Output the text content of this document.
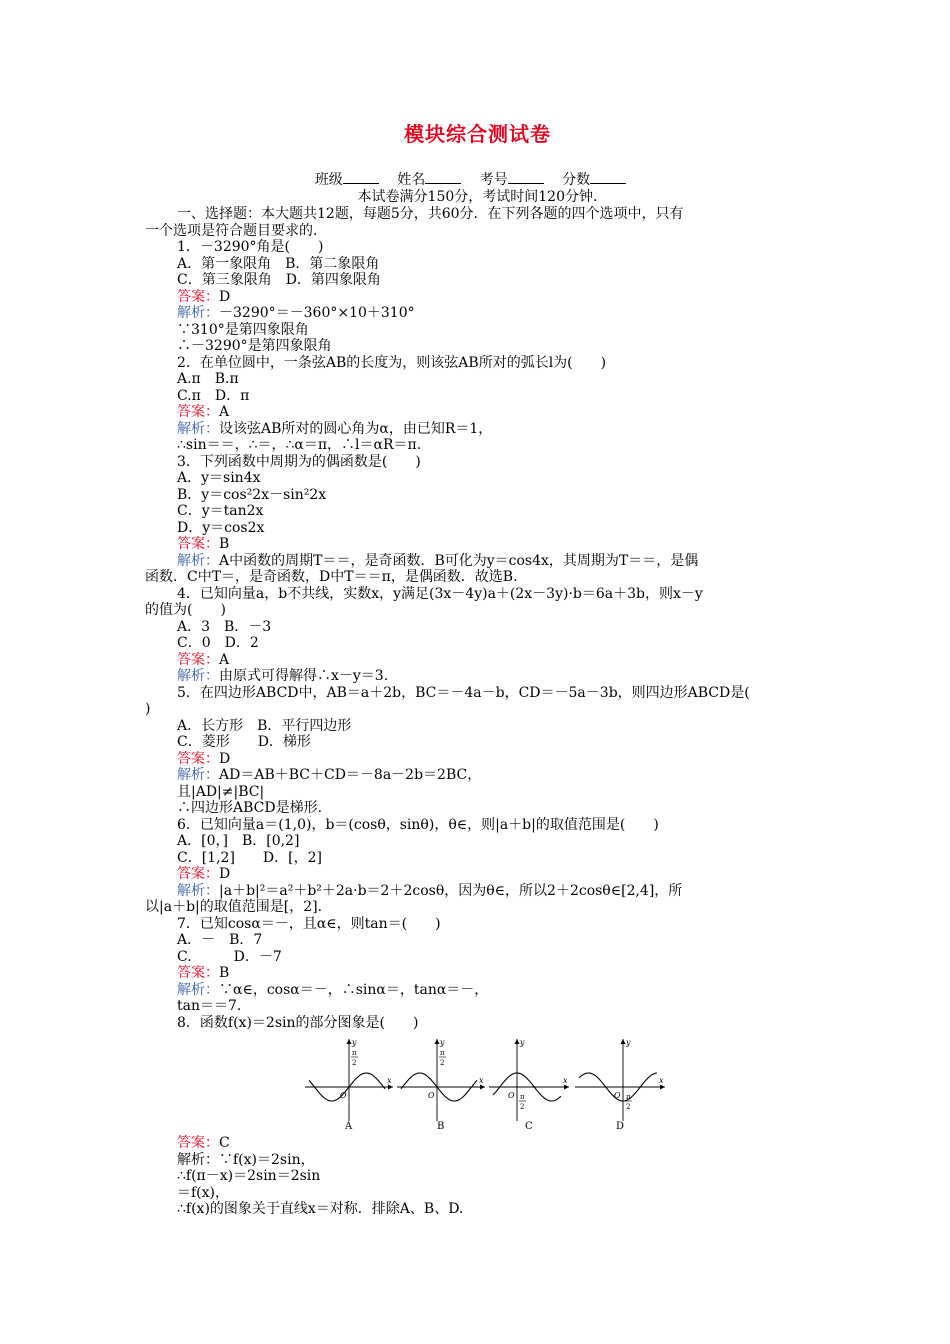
模块综合测试卷
班级	姓名	考号	分数
本试卷满分150分，考试时间120分钟.
一、选择题：本大题共12题，每题5分，共60分．在下列各题的四个选项中，只有
一个选项是符合题目要求的.
1．－3290°角是(　　)
A．第一象限角　B．第二象限角
C．第三象限角　D．第四象限角
答案：D
解析：－3290°＝－360°×10＋310°
∵310°是第四象限角
∴－3290°是第四象限角
2．在单位圆中，一条弦AB的长度为，则该弦AB所对的弧长l为(　　)
A.π　B.π
C.π　D．π
答案：A
解析：设该弦AB所对的圆心角为α，由已知R＝1，
∴sin＝＝，∴＝，∴α＝π，∴l＝αR＝π.
3．下列函数中周期为的偶函数是(　　)
A．y＝sin4x
B．y＝cos²2x－sin²2x
C．y＝tan2x
D．y＝cos2x
答案：B
解析：A中函数的周期T＝＝，是奇函数．B可化为y＝cos4x，其周期为T＝＝，是偶
函数．C中T＝，是奇函数，D中T＝＝π，是偶函数．故选B.
4．已知向量a，b不共线，实数x，y满足(3x－4y)a＋(2x－3y)·b＝6a＋3b，则x－y
的值为(　　)
A．3　B．－3
C．0　D．2
答案：A
解析：由原式可得解得∴x－y＝3.
5．在四边形ABCD中，AB＝a＋2b，BC＝－4a－b，CD＝－5a－3b，则四边形ABCD是(
)
A．长方形　B．平行四边形
C．菱形　　D．梯形
答案：D
解析：AD＝AB＋BC＋CD＝－8a－2b＝2BC，
且|AD|≠|BC|
∴四边形ABCD是梯形.
6．已知向量a＝(1,0)，b＝(cosθ，sinθ)，θ∈，则|a＋b|的取值范围是(　　)
A．[0，]　B．[0,2]
C．[1,2]　　D．[，2]
答案：D
解析：|a＋b|²＝a²＋b²＋2a·b＝2＋2cosθ，因为θ∈，所以2＋2cosθ∈[2,4]，所
以|a＋b|的取值范围是[，2].
7．已知cosα＝－，且α∈，则tan＝(　　)
A．－　B．7
C.　　　D．－7
答案：B
解析：∵α∈，cosα＝－，∴sinα＝，tanα＝－，
tan＝＝7.
8．函数f(x)＝2sin的部分图象是(　　)
y
x
O
π
2
A
y
x
O
π
2
B
y
x
O π
2
C
y
x
O π
2
D
答案：C
解析：∵f(x)＝2sin，
∴f(π－x)＝2sin＝2sin
＝f(x)，
∴f(x)的图象关于直线x＝对称．排除A、B、D.
